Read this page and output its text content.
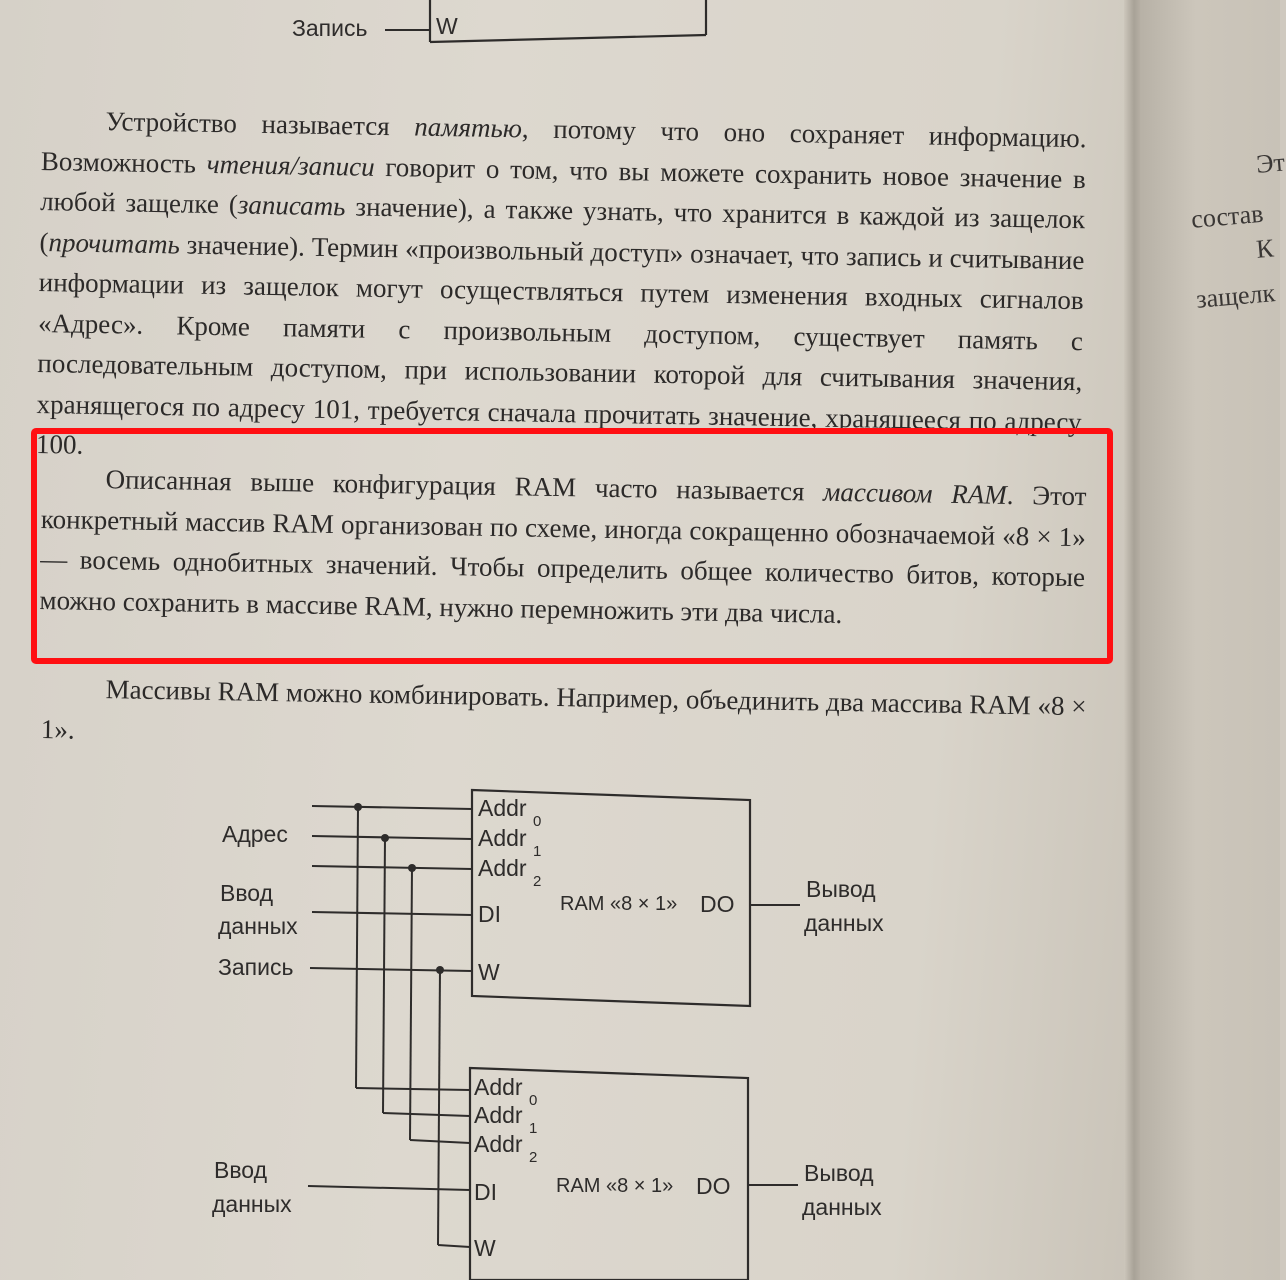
Эт
состав
К
защелк
Запись	W

Устройство называется памятью, потому что оно сохраняет информацию. Возможность чтения/записи говорит о том, что вы можете сохранить новое значение в любой защелке (записать значение), а также узнать, что хранится в каждой из защелок (прочитать значение). Термин «произвольный доступ» означает, что запись и считывание информации из защелок могут осуществляться путем изменения входных сигналов «Адрес». Кроме памяти с произвольным доступом, существует память с последовательным доступом, при использовании которой для считывания значения, хранящегося по адресу 101, требуется сначала прочитать значение, хранящееся по адресу 100.

Описанная выше конфигурация RAM часто называется массивом RAM. Этот конкретный массив RAM организован по схеме, иногда сокращенно обозначаемой «8 × 1» — восемь однобитных значений. Чтобы определить общее количество битов, которые можно сохранить в массиве RAM, нужно перемножить эти два числа.

Массивы RAM можно комбинировать. Например, объединить два массива RAM «8 × 1».

Адрес
Ввод
данных
Запись
Ввод
данных
Вывод
данных
Вывод
данных
Addr
0
Addr
1
Addr
2
DI
W
RAM «8 × 1» DO
Addr
0
Addr
1
Addr
2
DI
W
RAM «8 × 1» DO
